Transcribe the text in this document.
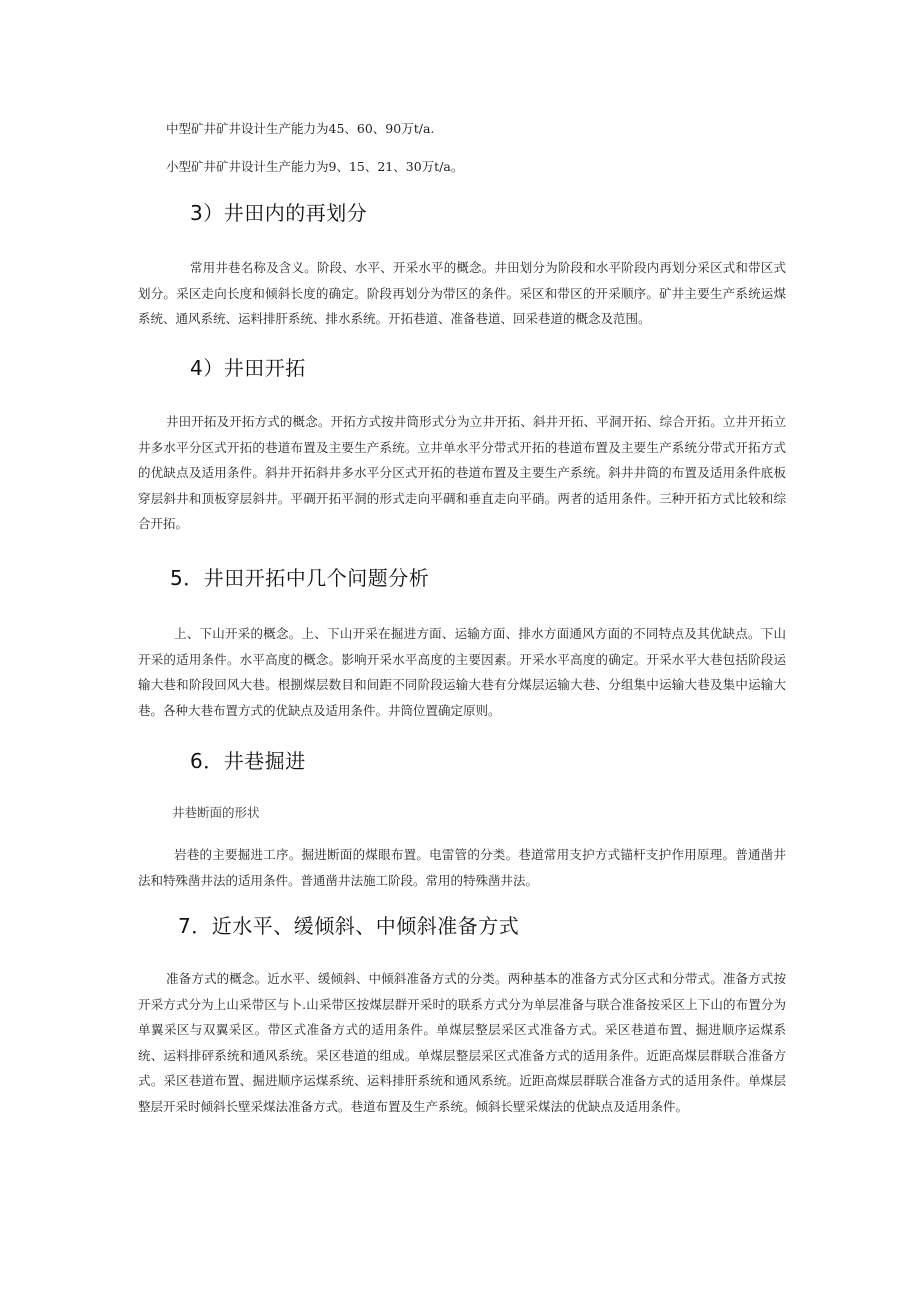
中型矿井矿井设计生产能力为45、60、90万t/a.
小型矿井矿井设计生产能力为9、15、21、30万t/a。
3）井田内的再划分
常用井巷名称及含义。阶段、水平、开采水平的概念。井田划分为阶段和水平阶段内再划分采区式和带区式划分。采区走向长度和倾斜长度的确定。阶段再划分为带区的条件。采区和带区的开采顺序。矿井主要生产系统运煤系统、通风系统、运料排肝系统、排水系统。开拓巷道、准备巷道、回采巷道的概念及范围。
4）井田开拓
井田开拓及开拓方式的概念。开拓方式按井筒形式分为立井开拓、斜井开拓、平洞开拓、综合开拓。立井开拓立井多水平分区式开拓的巷道布置及主要生产系统。立井单水平分带式开拓的巷道布置及主要生产系统分带式开拓方式的优缺点及适用条件。斜井开拓斜井多水平分区式开拓的巷道布置及主要生产系统。斜井井筒的布置及适用条件底板穿层斜井和顶板穿层斜井。平碉开拓平洞的形式走向平碉和垂直走向平硝。两者的适用条件。三种开拓方式比较和综合开拓。
5．井田开拓中几个问题分析
上、下山开采的概念。上、下山开采在掘进方面、运输方面、排水方面通风方面的不同特点及其优缺点。下山开采的适用条件。水平高度的概念。影响开采水平高度的主要因素。开采水平高度的确定。开采水平大巷包括阶段运输大巷和阶段回风大巷。根捌煤层数目和间距不同阶段运输大巷有分煤层运输大巷、分组集中运输大巷及集中运输大巷。各种大巷布置方式的优缺点及适用条件。井筒位置确定原则。
6．井巷掘进
井巷断面的形状
岩巷的主要掘进工序。掘进断面的煤眼布置。电雷管的分类。巷道常用支护方式锚杆支护作用原理。普通凿井法和特殊凿井法的适用条件。普通凿井法施工阶段。常用的特殊凿井法。
7．近水平、缓倾斜、中倾斜准备方式
准备方式的概念。近水平、缓倾斜、中倾斜准备方式的分类。两种基本的准备方式分区式和分带式。准备方式按开采方式分为上山采带区与卜.山采带区按煤层群开采时的联系方式分为单层准备与联合准备按采区上下山的布置分为单翼采区与双翼采区。带区式准备方式的适用条件。单煤层整层采区式准备方式。采区巷道布置、掘进顺序运煤系统、运料排砰系统和通风系统。采区巷道的组成。单煤层整层采区式准备方式的适用条件。近距高煤层群联合准备方式。采区巷道布置、掘进顺序运煤系统、运料排肝系统和通风系统。近距高煤层群联合准备方式的适用条件。单煤层整层开采时倾斜长壁采煤法准备方式。巷道布置及生产系统。倾斜长壁采煤法的优缺点及适用条件。
